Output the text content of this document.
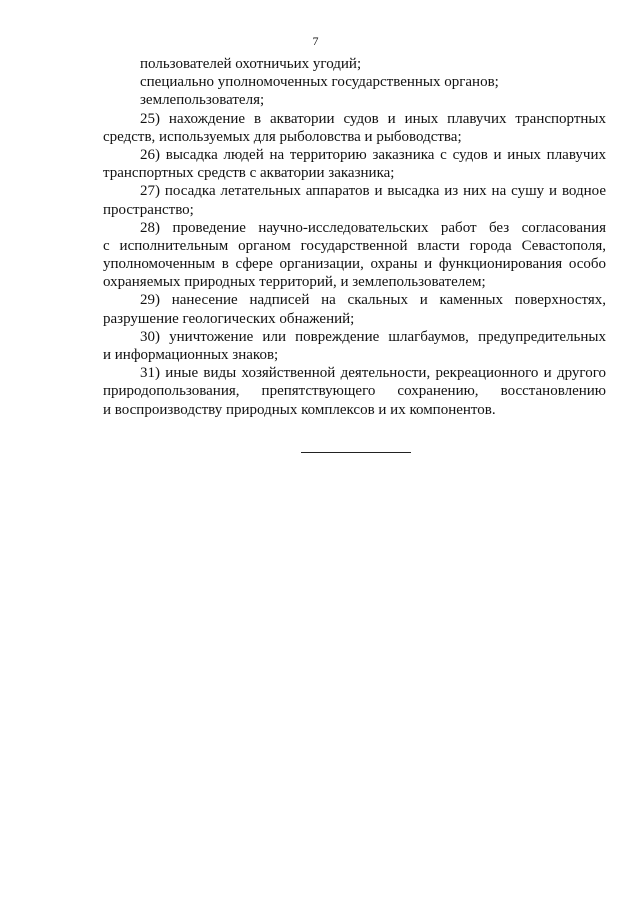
7
пользователей охотничьих угодий;
специально уполномоченных государственных органов;
землепользователя;
25) нахождение в акватории судов и иных плавучих транспортных
средств, используемых для рыболовства и рыбоводства;
26) высадка людей на территорию заказника с судов и иных плавучих
транспортных средств с акватории заказника;
27) посадка летательных аппаратов и высадка из них на сушу и водное
пространство;
28) проведение научно-исследовательских работ без согласования
с исполнительным органом государственной власти города Севастополя,
уполномоченным в сфере организации, охраны и функционирования особо
охраняемых природных территорий, и землепользователем;
29) нанесение надписей на скальных и каменных поверхностях,
разрушение геологических обнажений;
30) уничтожение или повреждение шлагбаумов, предупредительных
и информационных знаков;
31) иные виды хозяйственной деятельности, рекреационного и другого
природопользования, препятствующего сохранению, восстановлению
и воспроизводству природных комплексов и их компонентов.
